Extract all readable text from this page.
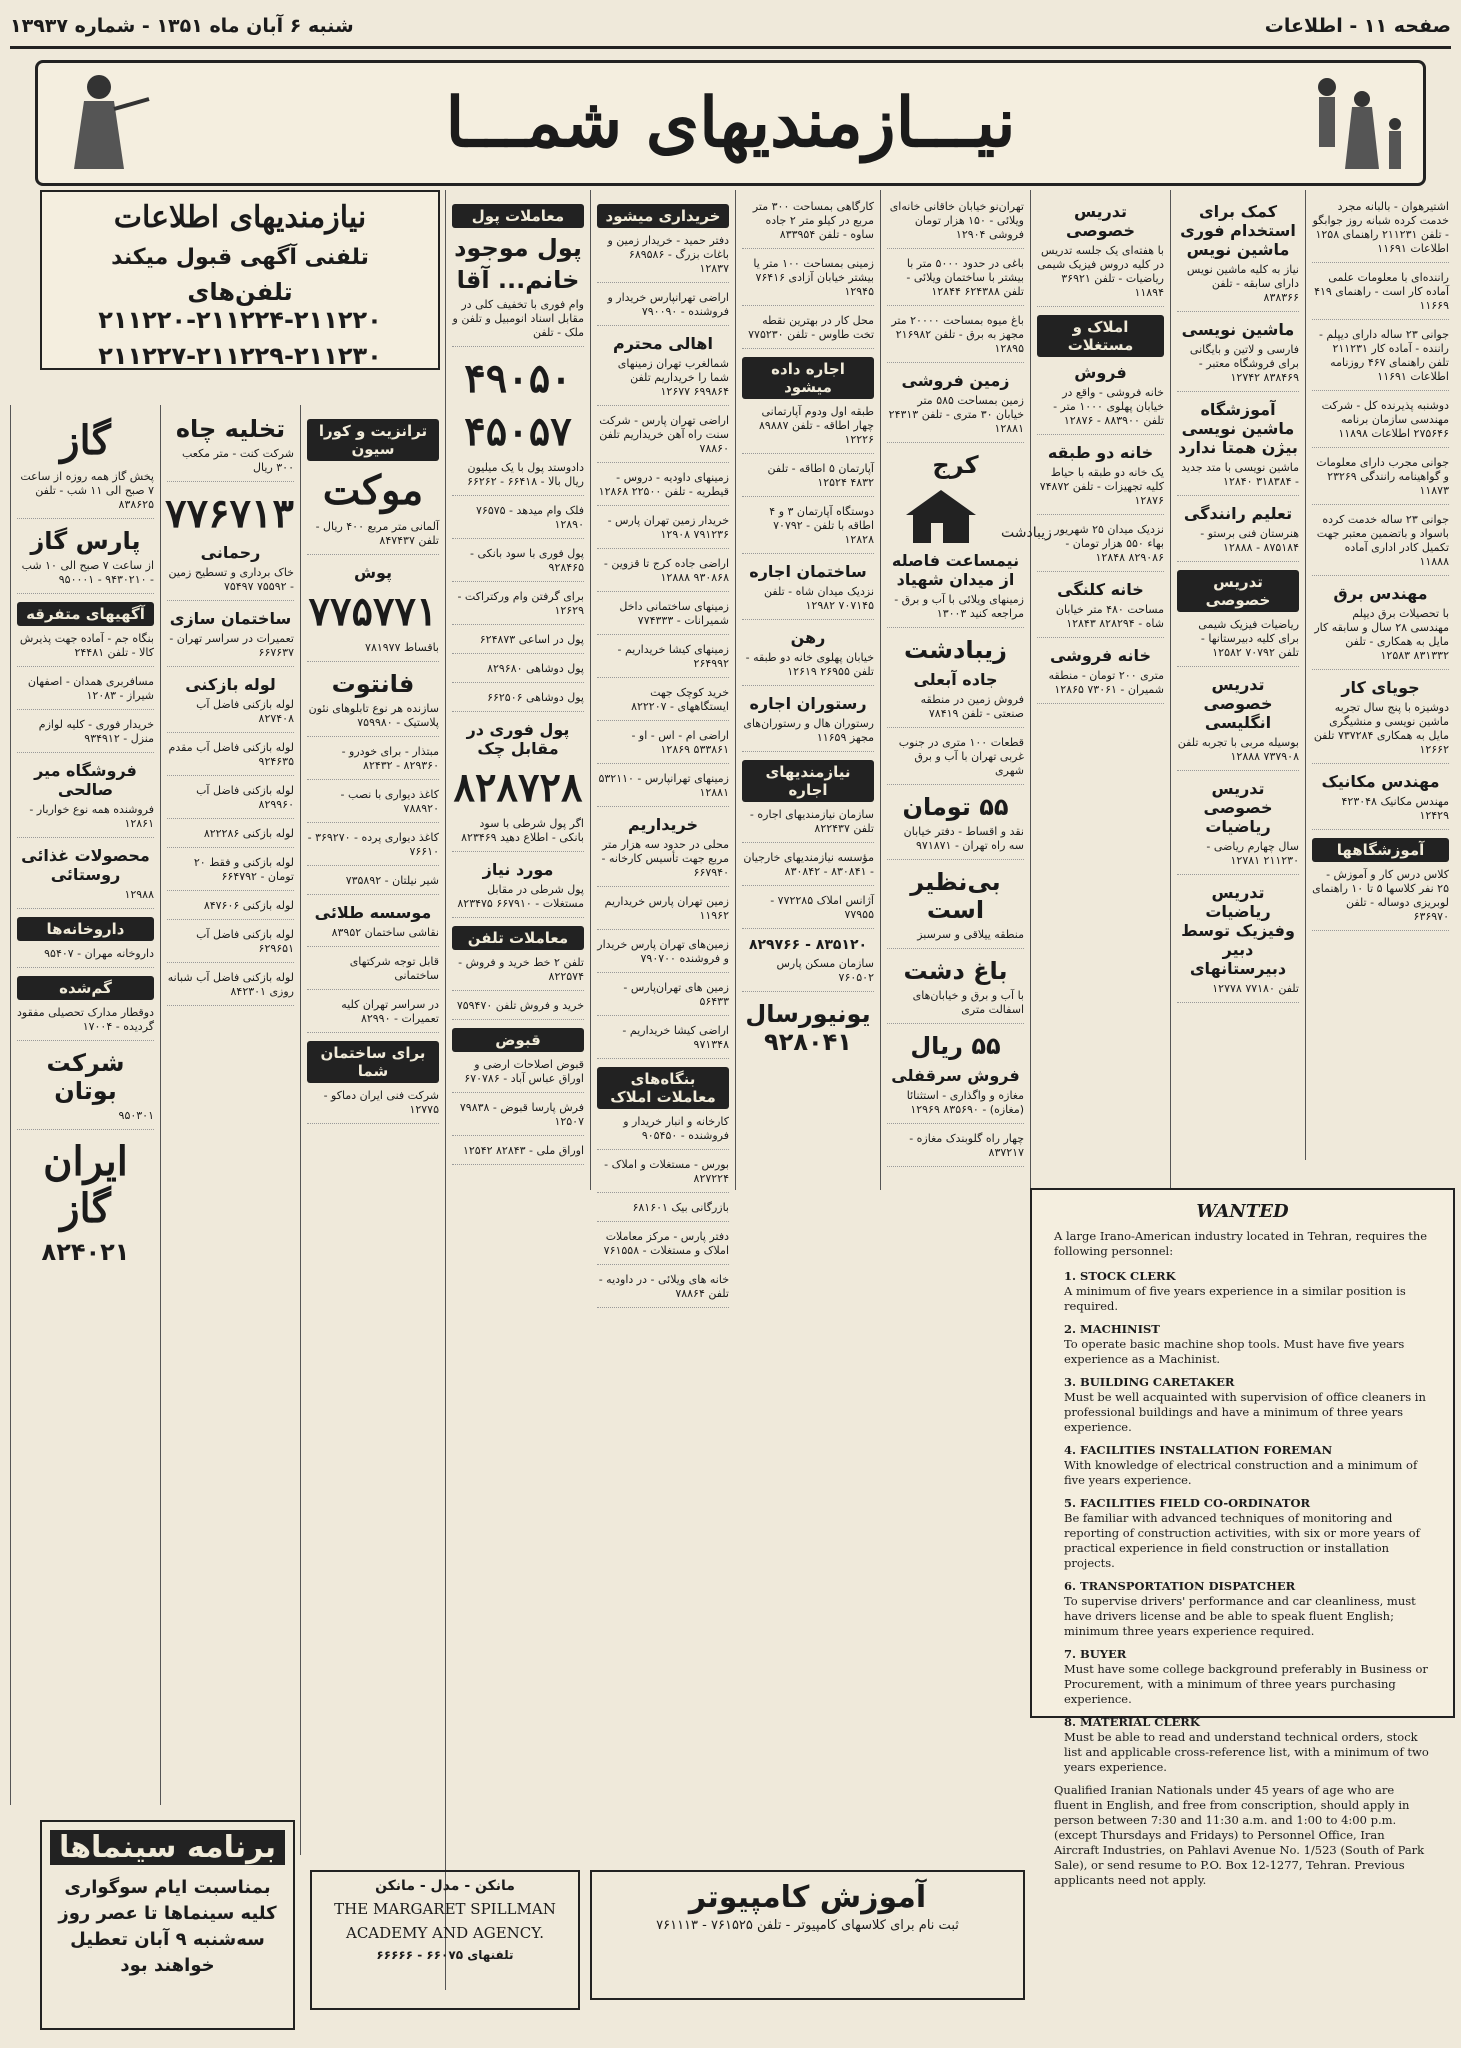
صفحه ۱۱ - اطلاعات
شنبه ۶ آبان ماه ۱۳۵۱ - شماره ۱۳۹۳۷
نیـــازمندیهای شمـــا
نیازمندیهای اطلاعات
تلفنی آگهی قبول میکند
تلفن‌های ۲۱۱۲۲۰-۲۱۱۲۲۴-۲۱۱۲۲۰
۲۱۱۲۲۷-۲۱۱۲۲۹-۲۱۱۲۳۰
اشتیرهوان - بالبانه مجرد خدمت کرده شبانه روز جوابگو - تلفن ۲۱۱۲۳۱ راهنمای ۱۲۵۸ اطلاعات ۱۱۶۹۱
راننده‌ای با معلومات علمی آماده کار است - راهنمای ۴۱۹ ۱۱۶۶۹
جوانی ۲۳ ساله دارای دیپلم - راننده - آماده کار ۲۱۱۲۳۱ تلفن راهنمای ۴۶۷ روزنامه اطلاعات ۱۱۶۹۱
دوشنبه پذیرنده کل - شرکت مهندسی سازمان برنامه ۲۷۵۶۴۶ اطلاعات ۱۱۸۹۸
جوانی مجرب دارای معلومات و گواهینامه رانندگی ۲۳۲۶۹ ۱۱۸۷۳
جوانی ۲۳ ساله خدمت کرده باسواد و باتضمین معتبر جهت تکمیل کادر اداری آماده ۱۱۸۸۸
مهندس برق
با تحصیلات برق دیپلم مهندسی ۲۸ سال و سابقه کار مایل به همکاری - تلفن ۸۳۱۳۳۲ ۱۲۵۸۳
جویای کار
دوشیزه با پنج سال تجربه ماشین نویسی و منشیگری مایل به همکاری ۷۳۷۲۸۴ تلفن ۱۲۶۶۲
مهندس مکانیک
مهندس مکانیک ۴۲۳۰۴۸ ۱۲۴۲۹
آموزشگاهها
کلاس درس کار و آموزش - ۲۵ نفر کلاسها ۵ تا ۱۰ راهنمای لوبریزی دوساله - تلفن ۶۳۶۹۷۰
کمک برای استخدام فوری ماشین نویس
نیاز به کلیه ماشین نویس دارای سابقه - تلفن ۸۳۸۳۶۶
ماشین نویسی
فارسی و لاتین و بایگانی برای فروشگاه معتبر - ۸۳۸۴۶۹ ۱۲۷۴۲
آموزشگاه ماشین نویسی بیژن همتا ندارد
ماشین نویسی با متد جدید - ۳۱۸۳۸۴ ۱۲۸۴۰
تعلیم رانندگی
هنرستان فنی برستو - ۸۷۵۱۸۴ - ۱۲۸۸۸
تدریس خصوصی
ریاضیات فیزیک شیمی برای کلیه دبیرستانها - تلفن ۷۰۷۹۲ ۱۲۵۸۲
تدریس خصوصی انگلیسی
بوسیله مربی با تجربه تلفن ۷۳۷۹۰۸ ۱۲۸۸۸
تدریس خصوصی ریاضیات
سال چهارم ریاضی - ۲۱۱۲۳۰ ۱۲۷۸۱
تدریس ریاضیات وفیزیک توسط دبیر دبیرستانهای
تلفن ۷۷۱۸۰ ۱۲۷۷۸
تدریس خصوصی
با هفته‌ای یک جلسه تدریس در کلیه دروس فیزیک شیمی ریاضیات - تلفن ۳۶۹۲۱ ۱۱۸۹۴
املاک و مستغلات
فروش
خانه فروشی - واقع در خیابان پهلوی ۱۰۰۰ متر - تلفن ۸۸۳۹۰۰ - ۱۲۸۷۶
خانه دو طبقه
یک خانه دو طبقه با حیاط کلیه تجهیزات - تلفن ۷۴۸۷۲ ۱۲۸۷۶
نزدیک میدان ۲۵ شهریور بهاء ۵۵۰ هزار تومان - ۸۲۹۰۸۶ ۱۲۸۴۸
خانه کلنگی
مساحت ۴۸۰ متر خیابان شاه - ۸۲۸۲۹۴ ۱۲۸۴۳
خانه فروشی
متری ۲۰۰ تومان - منطقه شمیران - ۷۳۰۶۱ ۱۲۸۶۵
تهران‌نو خیابان خاقانی خانه‌ای ویلائی - ۱۵۰ هزار تومان فروشی ۱۲۹۰۴
باغی در حدود ۵۰۰۰ متر با بیشتر با ساختمان ویلائی - تلفن ۶۲۴۳۸۸ ۱۲۸۴۴
باغ میوه بمساحت ۲۰۰۰۰ متر مجهز به برق - تلفن ۲۱۶۹۸۲ ۱۲۸۹۵
زمین فروشی
زمین بمساحت ۵۸۵ متر خیابان ۳۰ متری - تلفن ۲۴۳۱۳ ۱۲۸۸۱
کرج
زیبادشت
نیمساعت فاصله از میدان شهیاد
زمینهای ویلائی با آب و برق - مراجعه کنید ۱۳۰۰۳
زیبادشت
جاده آبعلی
فروش زمین در منطقه صنعتی - تلفن ۷۸۴۱۹
قطعات ۱۰۰ متری در جنوب غربی تهران با آب و برق شهری
۵۵ تومان
نقد و اقساط - دفتر خیابان سه راه تهران - ۹۷۱۸۷۱
بی‌نظیر است
منطقه ییلاقی و سرسبز
باغ دشت
با آب و برق و خیابان‌های اسفالت متری
۵۵ ریال
فروش سرقفلی
مغازه و واگذاری - استثنائا (مغازه) - ۸۳۵۶۹۰ ۱۲۹۶۹
چهار راه گلوبندک مغازه - ۸۳۷۲۱۷
کارگاهی بمساحت ۳۰۰ متر مربع در کیلو متر ۲ جاده ساوه - تلفن ۸۳۳۹۵۴
زمینی بمساحت ۱۰۰ متر یا بیشتر خیابان آزادی ۷۶۴۱۶ ۱۲۹۴۵
محل کار در بهترین نقطه تخت طاوس - تلفن ۷۷۵۲۳۰
اجاره داده میشود
طبقه اول ودوم آپارتمانی چهار اطاقه - تلفن ۸۹۸۸۷ ۱۲۲۲۶
آپارتمان ۵ اطاقه - تلفن ۴۸۳۲ ۱۲۵۲۴
دوستگاه آپارتمان ۳ و ۴ اطاقه با تلفن - ۷۰۷۹۲ ۱۲۸۲۸
ساختمان اجاره
نزدیک میدان شاه - تلفن ۷۰۷۱۴۵ ۱۲۹۸۲
رهن
خیابان پهلوی خانه دو طبقه - تلفن ۲۶۹۵۵ ۱۲۶۱۹
رستوران اجاره
رستوران هال و رستوران‌های مجهز ۱۱۶۵۹
نیازمندیهای اجاره
سازمان نیازمندیهای اجاره - تلفن ۸۲۲۴۳۷
مؤسسه نیازمندیهای خارجیان - ۸۳۰۸۴۱ - ۸۳۰۸۴۲
آژانس املاک ۷۷۲۲۸۵ - ۷۷۹۵۵
۸۳۵۱۲۰ - ۸۲۹۷۶۶
سازمان مسکن پارس ۷۶۰۵۰۲
یونیورسال ۹۲۸۰۴۱
خریداری میشود
دفتر حمید - خریدار زمین و باغات بزرگ - ۶۸۹۵۸۶ ۱۲۸۳۷
اراضی تهرانپارس خریدار و فروشنده - ۷۹۰۰۹۰
اهالی محترم
شمالغرب تهران زمینهای شما را خریداریم تلفن ۶۹۹۸۶۴ ۱۲۶۷۷
اراضی تهران پارس - شرکت سنت راه آهن خریداریم تلفن ۷۸۸۶۰
زمینهای داودیه - دروس - قیطریه - تلفن ۲۲۵۰۰ ۱۲۸۶۸
خریدار زمین تهران پارس - ۷۹۱۲۳۶ ۱۲۹۰۸
اراضی جاده کرج تا قزوین - ۹۳۰۸۶۸ ۱۲۸۸۸
زمینهای ساختمانی داخل شمیرانات - ۷۷۴۳۳۳
زمینهای کیشا خریداریم - ۲۶۴۹۹۲
خرید کوچک جهت ایستگاههای - ۸۲۲۲۰۷
اراضی ام - اس - او - ۵۳۳۸۶۱ ۱۲۸۶۹
زمینهای تهرانپارس - ۵۳۲۱۱۰ ۱۲۸۸۱
خریداریم
محلی در حدود سه هزار متر مربع جهت تأسیس کارخانه - ۶۶۷۹۴۰
زمین تهران پارس خریداریم ۱۱۹۶۲
زمین‌های تهران پارس خریدار و فروشنده ۷۹۰۷۰۰
زمین های تهران‌پارس - ۵۶۴۳۳
اراضی کیشا خریداریم - ۹۷۱۳۴۸
بنگاه‌های معاملات املاک
کارخانه و انبار خریدار و فروشنده - ۹۰۵۴۵۰
بورس - مستغلات و املاک - ۸۲۷۲۲۴
بازرگانی بیک ۶۸۱۶۰۱
دفتر پارس - مرکز معاملات املاک و مستغلات - ۷۶۱۵۵۸
خانه های ویلائی - در داودیه - تلفن ۷۸۸۶۴
معاملات پول
پول موجود
خانم... آقا
وام فوری با تخفیف کلی در مقابل اسناد انومبیل و تلفن و ملک - تلفن
۴۹۰۵۰
۴۵۰۵۷
دادوستد پول با یک میلیون ریال بالا - ۶۶۴۱۸ - ۶۶۲۶۲
فلک وام میدهد - ۷۶۵۷۵ ۱۲۸۹۰
پول فوری با سود بانکی - ۹۲۸۴۶۵
برای گرفتن وام ورکتراکت - ۱۲۶۲۹
پول در اساعی ۶۲۴۸۷۳
پول دوشاهی ۸۲۹۶۸۰
پول دوشاهی ۶۶۲۵۰۶
پول فوری در مقابل چک
۸۲۸۷۲۸
اگر پول شرطی با سود بانکی - اطلاع دهید ۸۲۳۴۶۹
مورد نیاز
پول شرطی در مقابل مستغلات - ۶۶۷۹۱۰ ۸۲۳۴۷۵
معاملات تلفن
تلفن ۲ خط خرید و فروش - ۸۲۲۵۷۴
خرید و فروش تلفن ۷۵۹۴۷۰
قبوض
قبوض اصلاحات ارضی و اوراق عباس آباد - ۶۷۰۷۸۶
فرش پارسا قبوض - ۷۹۸۳۸ ۱۲۵۰۷
اوراق ملی - ۸۲۸۴۳ ۱۲۵۴۲
ترانزیت و کورا سیون
موکت
آلمانی متر مربع ۴۰۰ ریال - تلفن ۸۴۷۴۳۷
پوش
۷۷۵۷۷۱
باقساط ۷۸۱۹۷۷
فانتوت
سازنده هر نوع تابلوهای نئون پلاستیک - ۷۵۹۹۸۰
مبتذار - برای خودرو - ۸۲۹۳۶۰ - ۸۲۴۳۲
کاغذ دیواری با نصب - ۷۸۸۹۲۰
کاغذ دیواری پرده - ۳۶۹۲۷۰ - ۷۶۶۱۰
شیر نیلتان - ۷۳۵۸۹۲
موسسه طلائی
نقاشی ساختمان ۸۳۹۵۲
قابل توجه شرکتهای ساختمانی
در سراسر تهران کلیه تعمیرات - ۸۲۹۹۰
برای ساختمان شما
شرکت فنی ایران دماکو - ۱۲۷۷۵
تخلیه چاه
شرکت کنت - متر مکعب ۳۰۰ ریال
۷۷۶۷۱۳
رحمانی
خاک برداری و تسطیح زمین - ۷۵۵۹۲ ۷۵۴۹۷
ساختمان سازی
تعمیرات در سراسر تهران - ۶۶۷۶۳۷
لوله بازکنی
لوله بازکنی فاضل آب ۸۲۷۴۰۸
لوله بازکنی فاضل آب مقدم ۹۲۴۶۳۵
لوله بازکنی فاضل آب ۸۲۹۹۶۰
لوله بازکنی ۸۲۲۲۸۶
لوله بازکنی و فقط ۲۰ تومان - ۶۶۴۷۹۲
لوله بازکنی ۸۴۷۶۰۶
لوله بازکنی فاضل آب ۶۲۹۶۵۱
لوله بازکنی فاضل آب شبانه روزی ۸۴۲۳۰۱
گاز
پخش گاز همه روزه از ساعت ۷ صبح الی ۱۱ شب - تلفن ۸۳۸۶۲۵
پارس گاز
از ساعت ۷ صبح الی ۱۰ شب - ۹۴۳۰۲۱۰ - ۹۵۰۰۰۱
آگهیهای متفرقه
بنگاه جم - آماده جهت پذیرش کالا - تلفن ۲۴۴۸۱
مسافربری همدان - اصفهان شیراز - ۱۲۰۸۳
خریدار فوری - کلیه لوازم منزل - ۹۳۴۹۱۲
فروشگاه میر صالحی
فروشنده همه نوع خواربار - ۱۲۸۶۱
محصولات غذائی روستائی
۱۲۹۸۸
داروخانه‌ها
داروخانه مهران - ۹۵۴۰۷
گم‌شده
دوقطار مدارک تحصیلی مفقود گردیده - ۱۷۰۰۴
شرکت بوتان
۹۵۰۳۰۱
ایران گاز
۸۲۴۰۲۱
WANTED
A large Irano-American industry located in Tehran, requires the following personnel:
1. STOCK CLERK
A minimum of five years experience in a similar position is required.
2. MACHINIST
To operate basic machine shop tools. Must have five years experience as a Machinist.
3. BUILDING CARETAKER
Must be well acquainted with supervision of office cleaners in professional buildings and have a minimum of three years experience.
4. FACILITIES INSTALLATION FOREMAN
With knowledge of electrical construction and a minimum of five years experience.
5. FACILITIES FIELD CO-ORDINATOR
Be familiar with advanced techniques of monitoring and reporting of construction activities, with six or more years of practical experience in field construction or installation projects.
6. TRANSPORTATION DISPATCHER
To supervise drivers' performance and car cleanliness, must have drivers license and be able to speak fluent English; minimum three years experience required.
7. BUYER
Must have some college background preferably in Business or Procurement, with a minimum of three years purchasing experience.
8. MATERIAL CLERK
Must be able to read and understand technical orders, stock list and applicable cross-reference list, with a minimum of two years experience.
Qualified Iranian Nationals under 45 years of age who are fluent in English, and free from conscription, should apply in person between 7:30 and 11:30 a.m. and 1:00 to 4:00 p.m. (except Thursdays and Fridays) to Personnel Office, Iran Aircraft Industries, on Pahlavi Avenue No. 1/523 (South of Park Sale), or send resume to P.O. Box 12-1277, Tehran. Previous applicants need not apply.
آموزش کامپیوتر
ثبت نام برای کلاسهای کامپیوتر - تلفن ۷۶۱۵۲۵ - ۷۶۱۱۱۳
مانکن - مدل - مانکن
THE MARGARET SPILLMAN
ACADEMY AND AGENCY.
تلفنهای ۶۶۰۷۵ - ۶۶۶۶۶
برنامه سینماها
بمناسبت ایام سوگواری کلیه سینماها تا عصر روز سه‌شنبه ۹ آبان تعطیل خواهند بود
